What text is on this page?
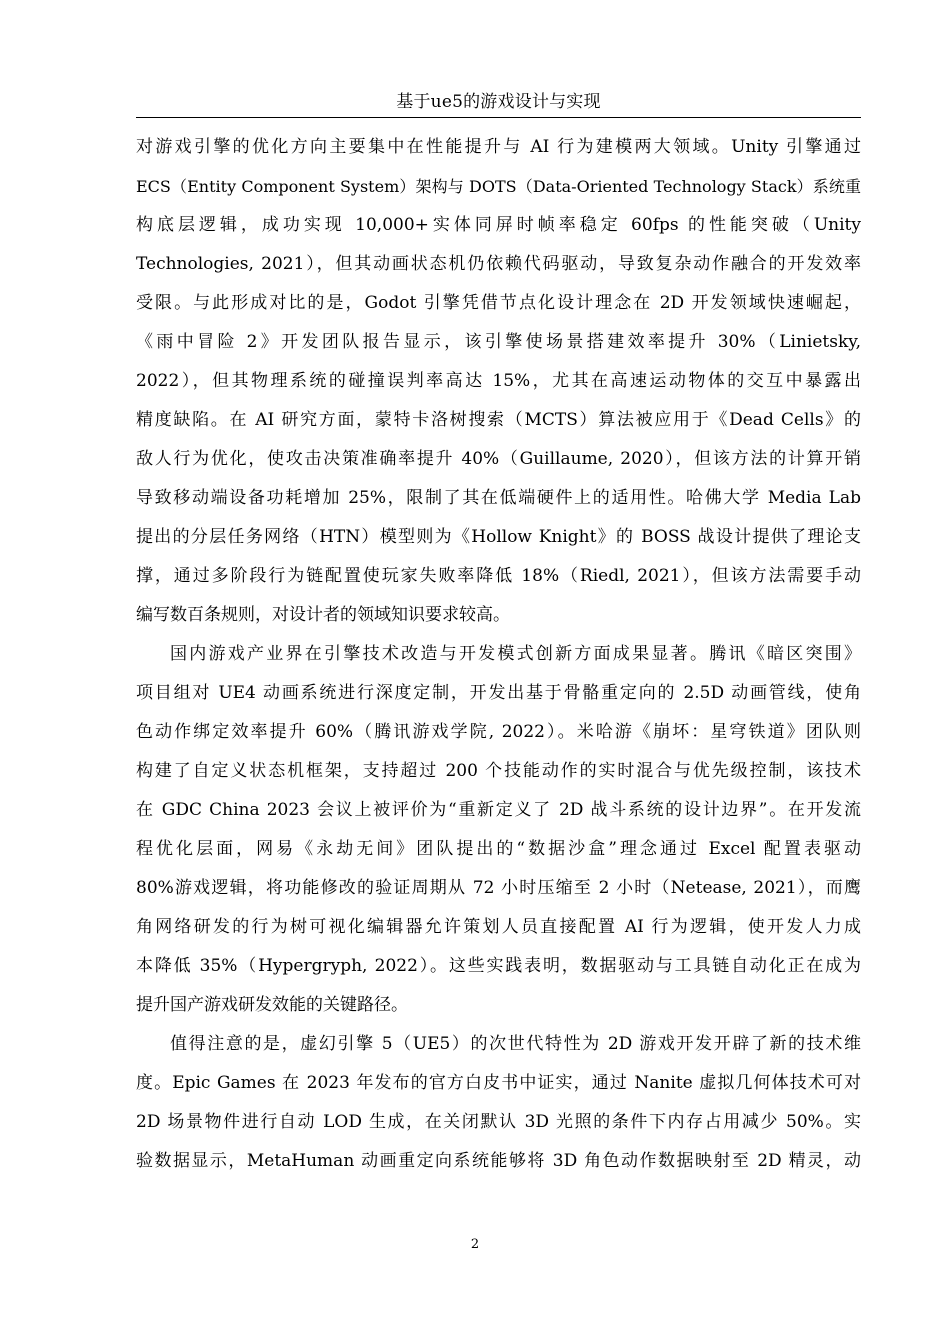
基于ue5的游戏设计与实现
对游戏引擎的优化方向主要集中在性能提升与 AI 行为建模两大领域。Unity 引擎通过
ECS（Entity Component System）架构与 DOTS（Data-Oriented Technology Stack）系统重
构底层逻辑，成功实现 10,000+实体同屏时帧率稳定 60fps 的性能突破（Unity
Technologies, 2021），但其动画状态机仍依赖代码驱动，导致复杂动作融合的开发效率
受限。与此形成对比的是，Godot 引擎凭借节点化设计理念在 2D 开发领域快速崛起，
《雨中冒险 2》开发团队报告显示，该引擎使场景搭建效率提升 30%（Linietsky,
2022），但其物理系统的碰撞误判率高达 15%，尤其在高速运动物体的交互中暴露出
精度缺陷。在 AI 研究方面，蒙特卡洛树搜索（MCTS）算法被应用于《Dead Cells》的
敌人行为优化，使攻击决策准确率提升 40%（Guillaume, 2020），但该方法的计算开销
导致移动端设备功耗增加 25%，限制了其在低端硬件上的适用性。哈佛大学 Media Lab
提出的分层任务网络（HTN）模型则为《Hollow Knight》的 BOSS 战设计提供了理论支
撑，通过多阶段行为链配置使玩家失败率降低 18%（Riedl, 2021），但该方法需要手动
编写数百条规则，对设计者的领域知识要求较高。
国内游戏产业界在引擎技术改造与开发模式创新方面成果显著。腾讯《暗区突围》
项目组对 UE4 动画系统进行深度定制，开发出基于骨骼重定向的 2.5D 动画管线，使角
色动作绑定效率提升 60%（腾讯游戏学院, 2022）。米哈游《崩坏：星穹铁道》团队则
构建了自定义状态机框架，支持超过 200 个技能动作的实时混合与优先级控制，该技术
在 GDC China 2023 会议上被评价为“重新定义了 2D 战斗系统的设计边界”。在开发流
程优化层面，网易《永劫无间》团队提出的“数据沙盒”理念通过 Excel 配置表驱动
80%游戏逻辑，将功能修改的验证周期从 72 小时压缩至 2 小时（Netease, 2021），而鹰
角网络研发的行为树可视化编辑器允许策划人员直接配置 AI 行为逻辑，使开发人力成
本降低 35%（Hypergryph, 2022）。这些实践表明，数据驱动与工具链自动化正在成为
提升国产游戏研发效能的关键路径。
值得注意的是，虚幻引擎 5（UE5）的次世代特性为 2D 游戏开发开辟了新的技术维
度。Epic Games 在 2023 年发布的官方白皮书中证实，通过 Nanite 虚拟几何体技术可对
2D 场景物件进行自动 LOD 生成，在关闭默认 3D 光照的条件下内存占用减少 50%。实
验数据显示，MetaHuman 动画重定向系统能够将 3D 角色动作数据映射至 2D 精灵，动
2
